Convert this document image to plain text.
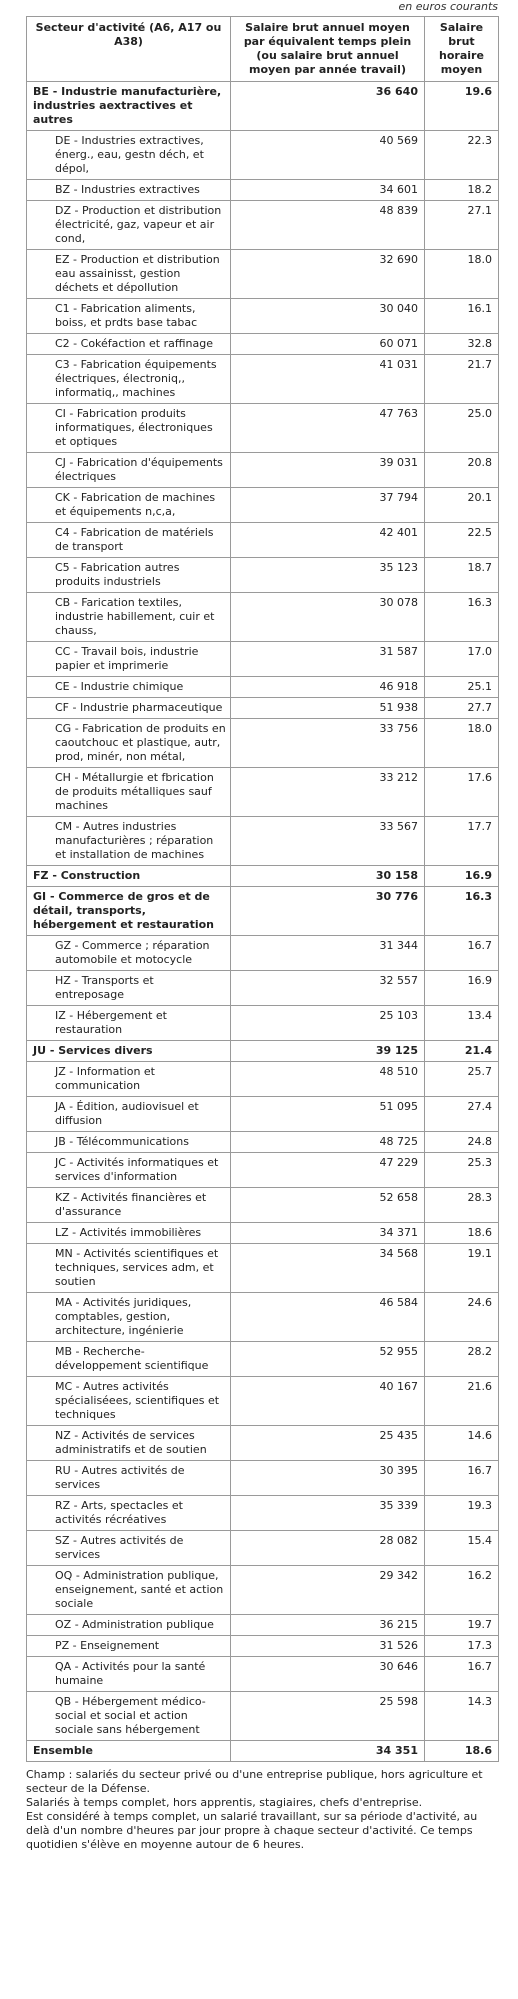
en euros courants
Secteur d'activité (A6, A17 ou A38)	Salaire brut annuel moyen par équivalent temps plein (ou salaire brut annuel moyen par année travail)	Salaire brut horaire moyen
BE - Industrie manufacturière, industries aextractives et autres	36 640	19.6
DE - Industries extractives, énerg., eau, gestn déch, et dépol,	40 569	22.3
BZ - Industries extractives	34 601	18.2
DZ - Production et distribution électricité, gaz, vapeur et air cond,	48 839	27.1
EZ - Production et distribution eau assainisst, gestion déchets et dépollution	32 690	18.0
C1 - Fabrication aliments, boiss, et prdts base tabac	30 040	16.1
C2 - Cokéfaction et raffinage	60 071	32.8
C3 - Fabrication équipements électriques, électroniq,, informatiq,, machines	41 031	21.7
CI - Fabrication produits informatiques, électroniques et optiques	47 763	25.0
CJ - Fabrication d'équipements électriques	39 031	20.8
CK - Fabrication de machines et équipements n,c,a,	37 794	20.1
C4 - Fabrication de matériels de transport	42 401	22.5
C5 - Fabrication autres produits industriels	35 123	18.7
CB - Farication textiles, industrie habillement, cuir et chauss,	30 078	16.3
CC - Travail bois, industrie papier et imprimerie	31 587	17.0
CE - Industrie chimique	46 918	25.1
CF - Industrie pharmaceutique	51 938	27.7
CG - Fabrication de produits en caoutchouc et plastique, autr, prod, minér, non métal,	33 756	18.0
CH - Métallurgie et fbrication de produits métalliques sauf machines	33 212	17.6
CM - Autres industries manufacturières ; réparation et installation de machines	33 567	17.7
FZ - Construction	30 158	16.9
GI - Commerce de gros et de détail, transports, hébergement et restauration	30 776	16.3
GZ - Commerce ; réparation automobile et motocycle	31 344	16.7
HZ - Transports et entreposage	32 557	16.9
IZ - Hébergement et restauration	25 103	13.4
JU - Services divers	39 125	21.4
JZ - Information et communication	48 510	25.7
JA - Édition, audiovisuel et diffusion	51 095	27.4
JB - Télécommunications	48 725	24.8
JC - Activités informatiques et services d'information	47 229	25.3
KZ - Activités financières et d'assurance	52 658	28.3
LZ - Activités immobilières	34 371	18.6
MN - Activités scientifiques et techniques, services adm, et soutien	34 568	19.1
MA - Activités juridiques, comptables, gestion, architecture, ingénierie	46 584	24.6
MB - Recherche-développement scientifique	52 955	28.2
MC - Autres activités spécialiséees, scientifiques et techniques	40 167	21.6
NZ - Activités de services administratifs et de soutien	25 435	14.6
RU - Autres activités de services	30 395	16.7
RZ - Arts, spectacles et activités récréatives	35 339	19.3
SZ - Autres activités de services	28 082	15.4
OQ - Administration publique, enseignement, santé et action sociale	29 342	16.2
OZ - Administration publique	36 215	19.7
PZ - Enseignement	31 526	17.3
QA - Activités pour la santé humaine	30 646	16.7
QB - Hébergement médico-social et social et action sociale sans hébergement	25 598	14.3
Ensemble	34 351	18.6

Champ : salariés du secteur privé ou d'une entreprise publique, hors agriculture et secteur de la Défense.

Salariés à temps complet, hors apprentis, stagiaires, chefs d'entreprise.

Est considéré à temps complet, un salarié travaillant, sur sa période d'activité, au delà d'un nombre d'heures par jour propre à chaque secteur d'activité. Ce temps quotidien s'élève en moyenne autour de 6 heures.
